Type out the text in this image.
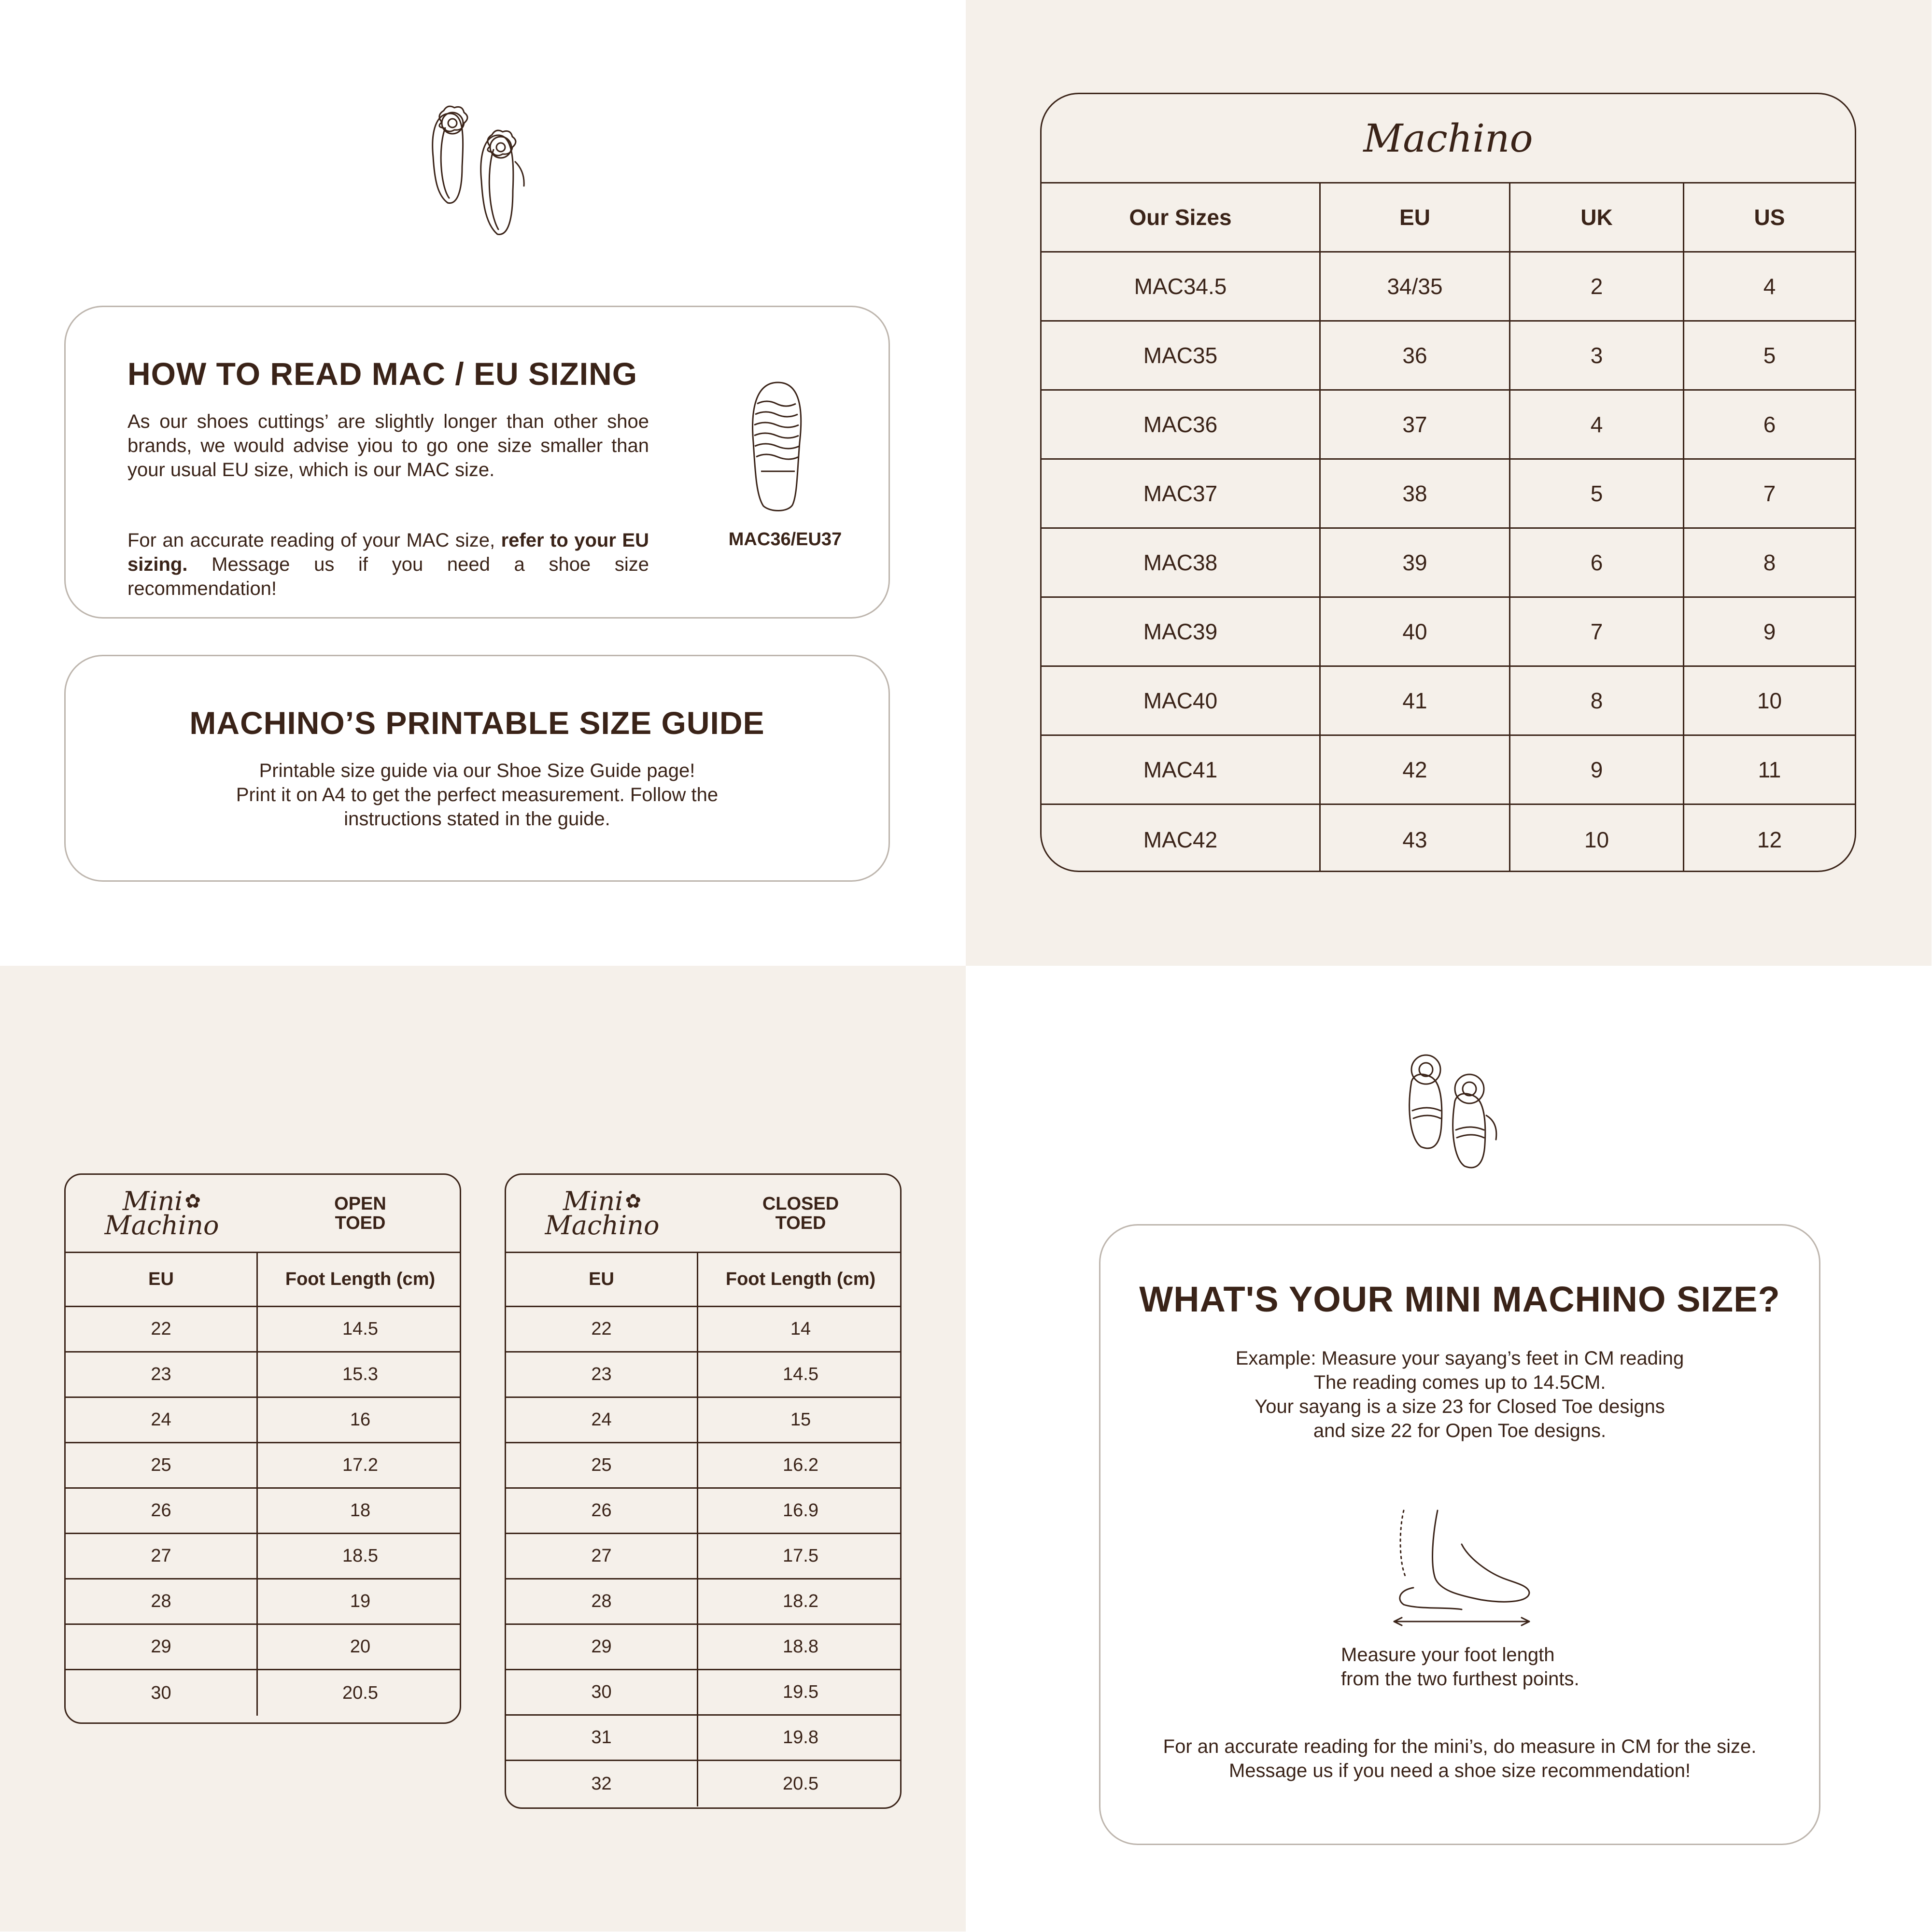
HOW TO READ MAC / EU SIZING
As our shoes cuttings’ are slightly longer than other shoe brands, we would advise yiou to go one size smaller than your usual EU size, which is our MAC size.
For an accurate reading of your MAC size, refer to your EU sizing. Message us if you need a shoe size recommendation!
MAC36/EU37
MACHINO’S PRINTABLE SIZE GUIDE
Printable size guide via our Shoe Size Guide page!
Print it on A4 to get the perfect measurement. Follow the
instructions stated in the guide.
Machino
Our Sizes	EU	UK	US
MAC34.5	34/35	2	4
MAC35	36	3	5
MAC36	37	4	6
MAC37	38	5	7
MAC38	39	6	8
MAC39	40	7	9
MAC40	41	8	10
MAC41	42	9	11
MAC42	43	10	12
Mini ✿
Machino
OPEN
TOED
EU	Foot Length (cm)
22	14.5
23	15.3
24	16
25	17.2
26	18
27	18.5
28	19
29	20
30	20.5
Mini ✿
Machino
CLOSED
TOED
EU	Foot Length (cm)
22	14
23	14.5
24	15
25	16.2
26	16.9
27	17.5
28	18.2
29	18.8
30	19.5
31	19.8
32	20.5
WHAT'S YOUR MINI MACHINO SIZE?
Example: Measure your sayang’s feet in CM reading
The reading comes up to 14.5CM.
Your sayang is a size 23 for Closed Toe designs
and size 22 for Open Toe designs.
Measure your foot length
from the two furthest points.
For an accurate reading for the mini’s, do measure in CM for the size.
Message us if you need a shoe size recommendation!
